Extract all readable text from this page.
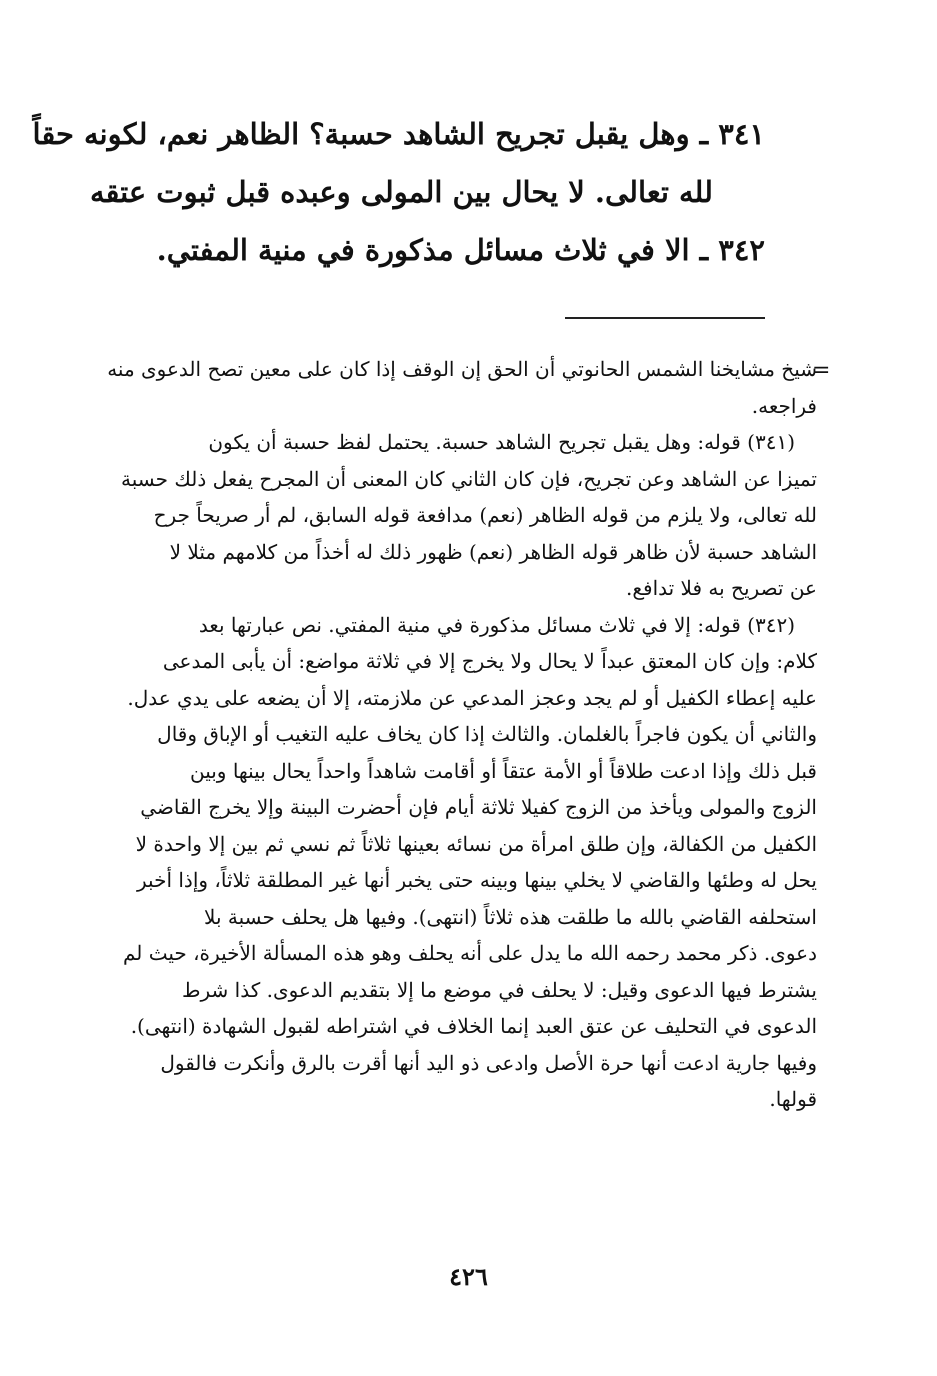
٣٤١ ـ وهل يقبل تجريح الشاهد حسبة؟ الظاهر نعم، لكونه حقاً
لله تعالى. لا يحال بين المولى وعبده قبل ثبوت عتقه
٣٤٢ ـ الا في ثلاث مسائل مذكورة في منية المفتي.
=
شيخ مشايخنا الشمس الحانوتي أن الحق إن الوقف إذا كان على معين تصح الدعوى منه
فراجعه.
(٣٤١) قوله: وهل يقبل تجريح الشاهد حسبة. يحتمل لفظ حسبة أن يكون
تميزا عن الشاهد وعن تجريح، فإن كان الثاني كان المعنى أن المجرح يفعل ذلك حسبة
لله تعالى، ولا يلزم من قوله الظاهر (نعم) مدافعة قوله السابق، لم أر صريحاً جرح
الشاهد حسبة لأن ظاهر قوله الظاهر (نعم) ظهور ذلك له أخذاً من كلامهم مثلا لا
عن تصريح به فلا تدافع.
(٣٤٢) قوله: إلا في ثلاث مسائل مذكورة في منية المفتي. نص عبارتها بعد
كلام: وإن كان المعتق عبداً لا يحال ولا يخرج إلا في ثلاثة مواضع: أن يأبى المدعى
عليه إعطاء الكفيل أو لم يجد وعجز المدعي عن ملازمته، إلا أن يضعه على يدي عدل.
والثاني أن يكون فاجراً بالغلمان. والثالث إذا كان يخاف عليه التغيب أو الإباق وقال
قبل ذلك وإذا ادعت طلاقاً أو الأمة عتقاً أو أقامت شاهداً واحداً يحال بينها وبين
الزوج والمولى ويأخذ من الزوج كفيلا ثلاثة أيام فإن أحضرت البينة وإلا يخرج القاضي
الكفيل من الكفالة، وإن طلق امرأة من نسائه بعينها ثلاثاً ثم نسي ثم بين إلا واحدة لا
يحل له وطئها والقاضي لا يخلي بينها وبينه حتى يخبر أنها غير المطلقة ثلاثاً، وإذا أخبر
استحلفه القاضي بالله ما طلقت هذه ثلاثاً (انتهى). وفيها هل يحلف حسبة بلا
دعوى. ذكر محمد رحمه الله ما يدل على أنه يحلف وهو هذه المسألة الأخيرة، حيث لم
يشترط فيها الدعوى وقيل: لا يحلف في موضع ما إلا بتقديم الدعوى. كذا شرط
الدعوى في التحليف عن عتق العبد إنما الخلاف في اشتراطه لقبول الشهادة (انتهى).
وفيها جارية ادعت أنها حرة الأصل وادعى ذو اليد أنها أقرت بالرق وأنكرت فالقول
قولها.
٤٢٦
